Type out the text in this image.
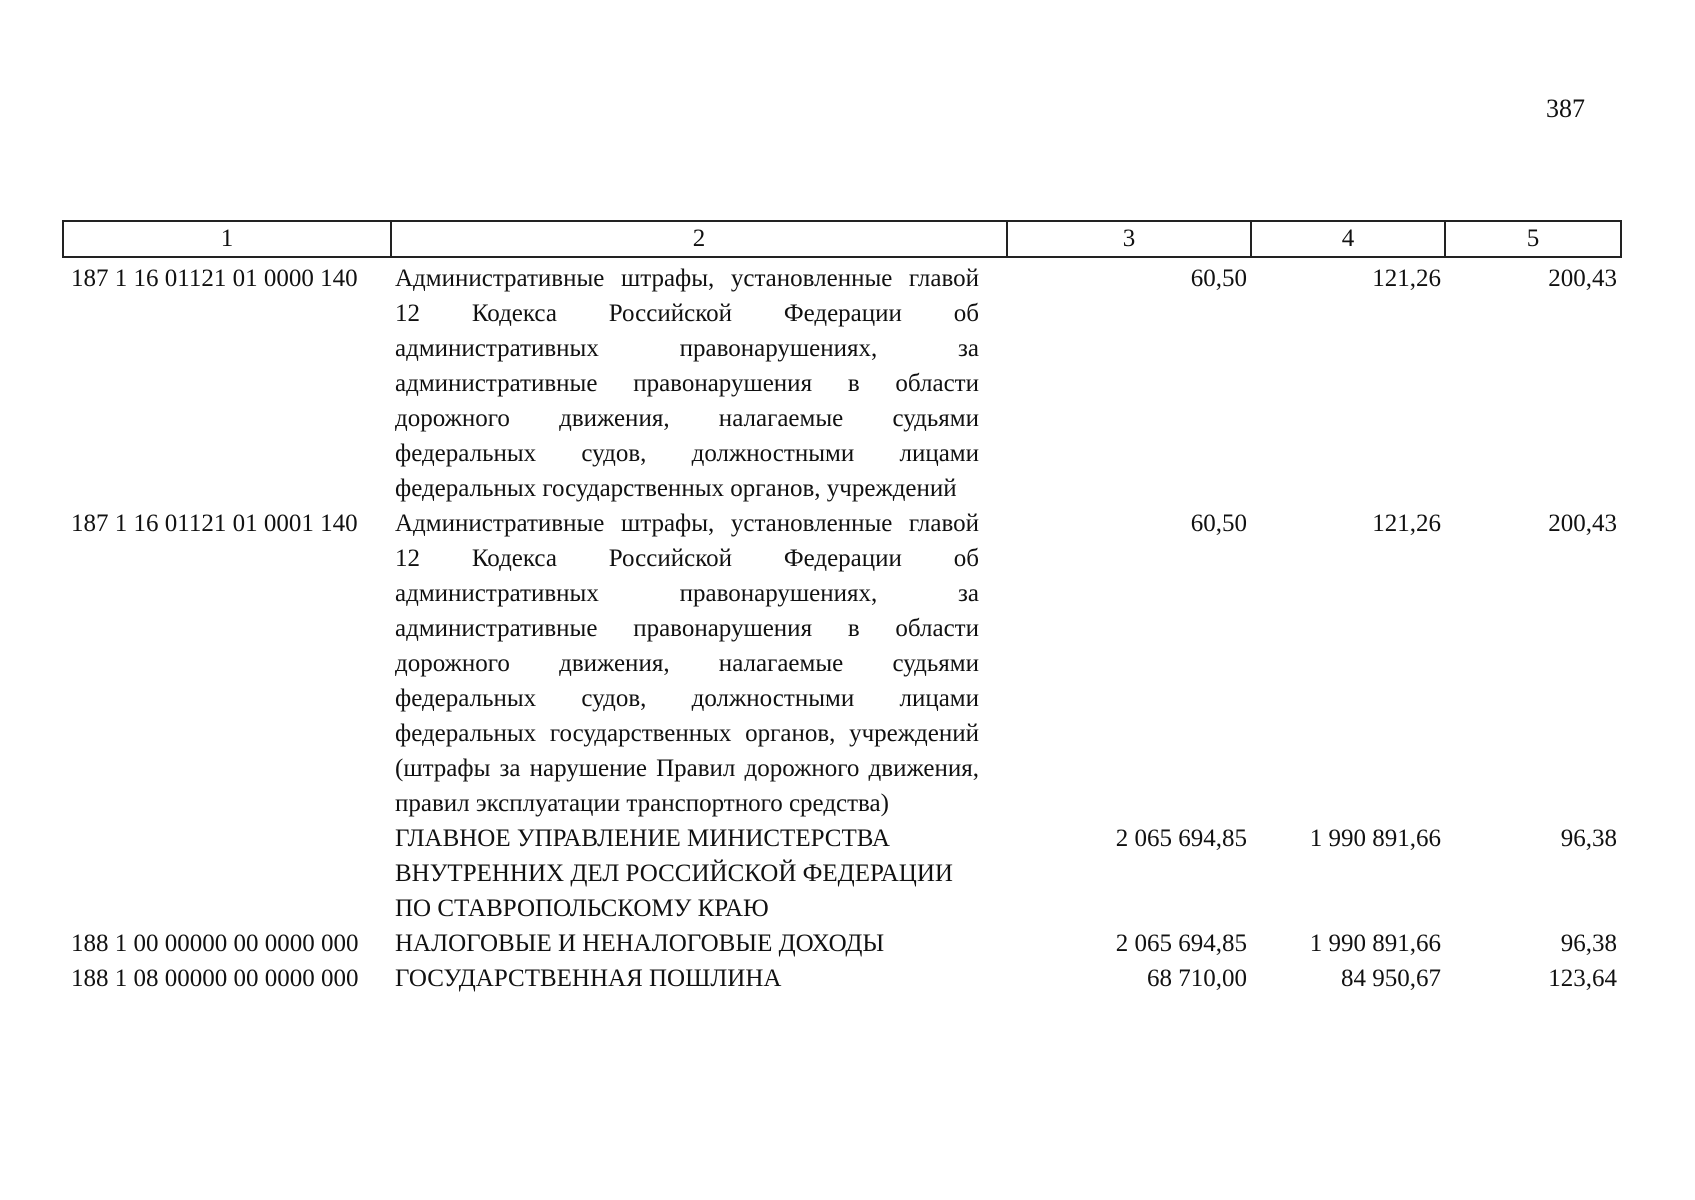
387
1	2	3	4	5
187 1 16 01121 01 0000 140	Административные штрафы, установленные главой 12 Кодекса Российской Федерации об административных правонарушениях, за административные правонарушения в области дорожного движения, налагаемые судьями федеральных судов, должностными лицами федеральных государственных органов, учреждений	60,50	121,26	200,43
187 1 16 01121 01 0001 140	Административные штрафы, установленные главой 12 Кодекса Российской Федерации об административных правонарушениях, за административные правонарушения в области дорожного движения, налагаемые судьями федеральных судов, должностными лицами федеральных государственных органов, учреждений (штрафы за нарушение Правил дорожного движения, правил эксплуатации транспортного средства)	60,50	121,26	200,43
	ГЛАВНОЕ УПРАВЛЕНИЕ МИНИСТЕРСТВА ВНУТРЕННИХ ДЕЛ РОССИЙСКОЙ ФЕДЕРАЦИИ ПО СТАВРОПОЛЬСКОМУ КРАЮ	2 065 694,85	1 990 891,66	96,38
188 1 00 00000 00 0000 000	НАЛОГОВЫЕ И НЕНАЛОГОВЫЕ ДОХОДЫ	2 065 694,85	1 990 891,66	96,38
188 1 08 00000 00 0000 000	ГОСУДАРСТВЕННАЯ ПОШЛИНА	68 710,00	84 950,67	123,64
